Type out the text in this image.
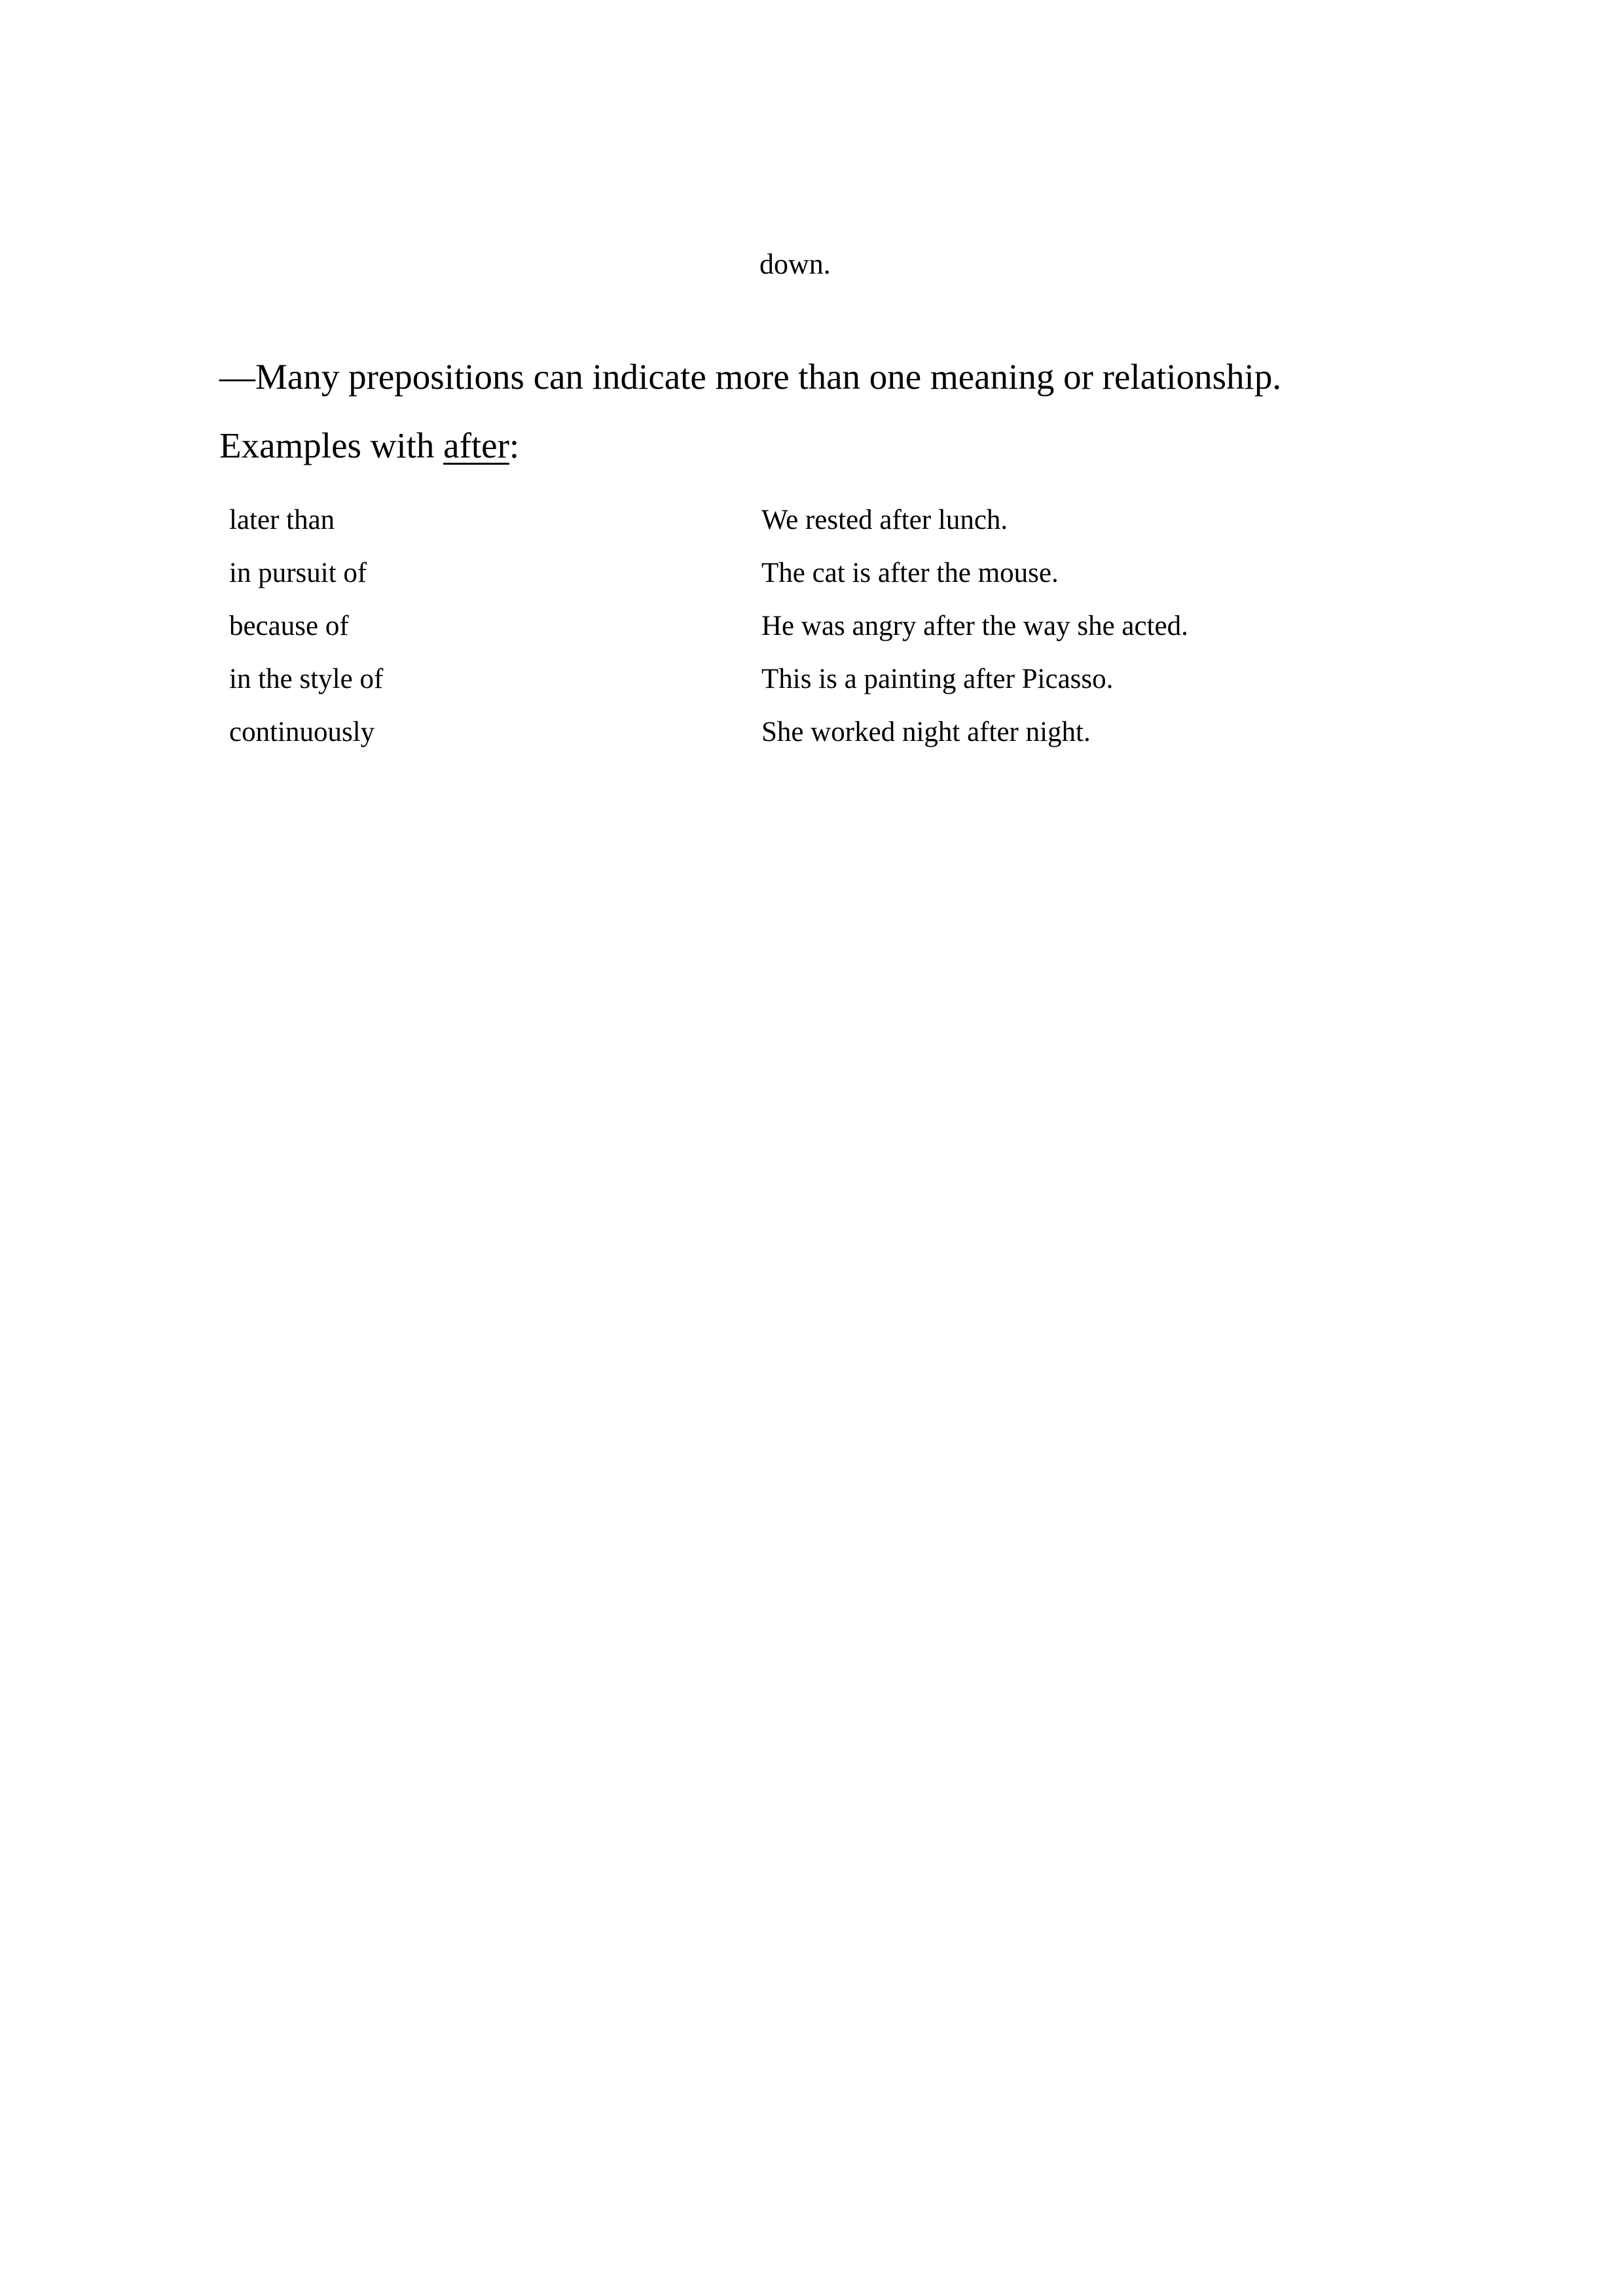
down.
—Many prepositions can indicate more than one meaning or relationship.
Examples with after:
later than	We rested after lunch.
in pursuit of	The cat is after the mouse.
because of	He was angry after the way she acted.
in the style of	This is a painting after Picasso.
continuously	She worked night after night.
